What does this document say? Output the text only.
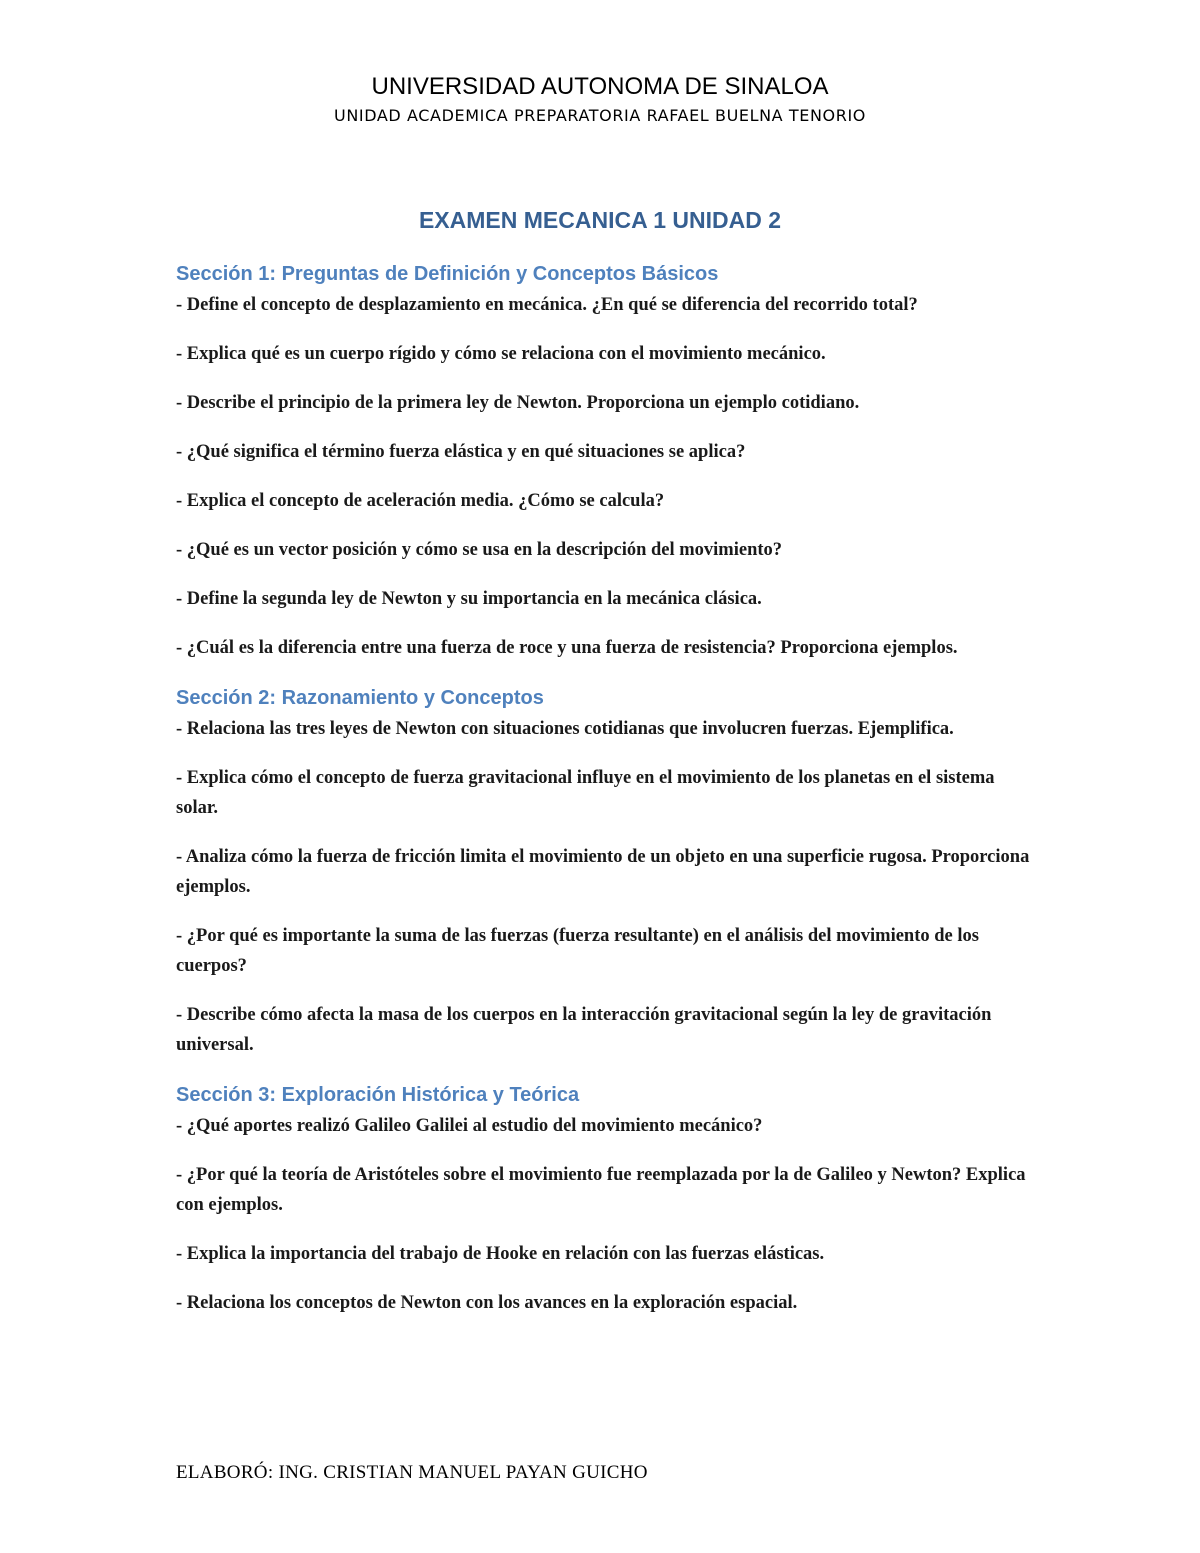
UNIVERSIDAD AUTONOMA DE SINALOA
UNIDAD ACADEMICA PREPARATORIA RAFAEL BUELNA TENORIO
EXAMEN MECANICA 1 UNIDAD 2
Sección 1: Preguntas de Definición y Conceptos Básicos

- Define el concepto de desplazamiento en mecánica. ¿En qué se diferencia del recorrido total?

- Explica qué es un cuerpo rígido y cómo se relaciona con el movimiento mecánico.

- Describe el principio de la primera ley de Newton. Proporciona un ejemplo cotidiano.

- ¿Qué significa el término fuerza elástica y en qué situaciones se aplica?

- Explica el concepto de aceleración media. ¿Cómo se calcula?

- ¿Qué es un vector posición y cómo se usa en la descripción del movimiento?

- Define la segunda ley de Newton y su importancia en la mecánica clásica.

- ¿Cuál es la diferencia entre una fuerza de roce y una fuerza de resistencia? Proporciona ejemplos.

Sección 2: Razonamiento y Conceptos

- Relaciona las tres leyes de Newton con situaciones cotidianas que involucren fuerzas. Ejemplifica.

- Explica cómo el concepto de fuerza gravitacional influye en el movimiento de los planetas en el sistema solar.

- Analiza cómo la fuerza de fricción limita el movimiento de un objeto en una superficie rugosa. Proporciona ejemplos.

- ¿Por qué es importante la suma de las fuerzas (fuerza resultante) en el análisis del movimiento de los cuerpos?

- Describe cómo afecta la masa de los cuerpos en la interacción gravitacional según la ley de gravitación universal.

Sección 3: Exploración Histórica y Teórica

- ¿Qué aportes realizó Galileo Galilei al estudio del movimiento mecánico?

- ¿Por qué la teoría de Aristóteles sobre el movimiento fue reemplazada por la de Galileo y Newton? Explica con ejemplos.

- Explica la importancia del trabajo de Hooke en relación con las fuerzas elásticas.

- Relaciona los conceptos de Newton con los avances en la exploración espacial.

ELABORÓ: ING. CRISTIAN MANUEL PAYAN GUICHO
